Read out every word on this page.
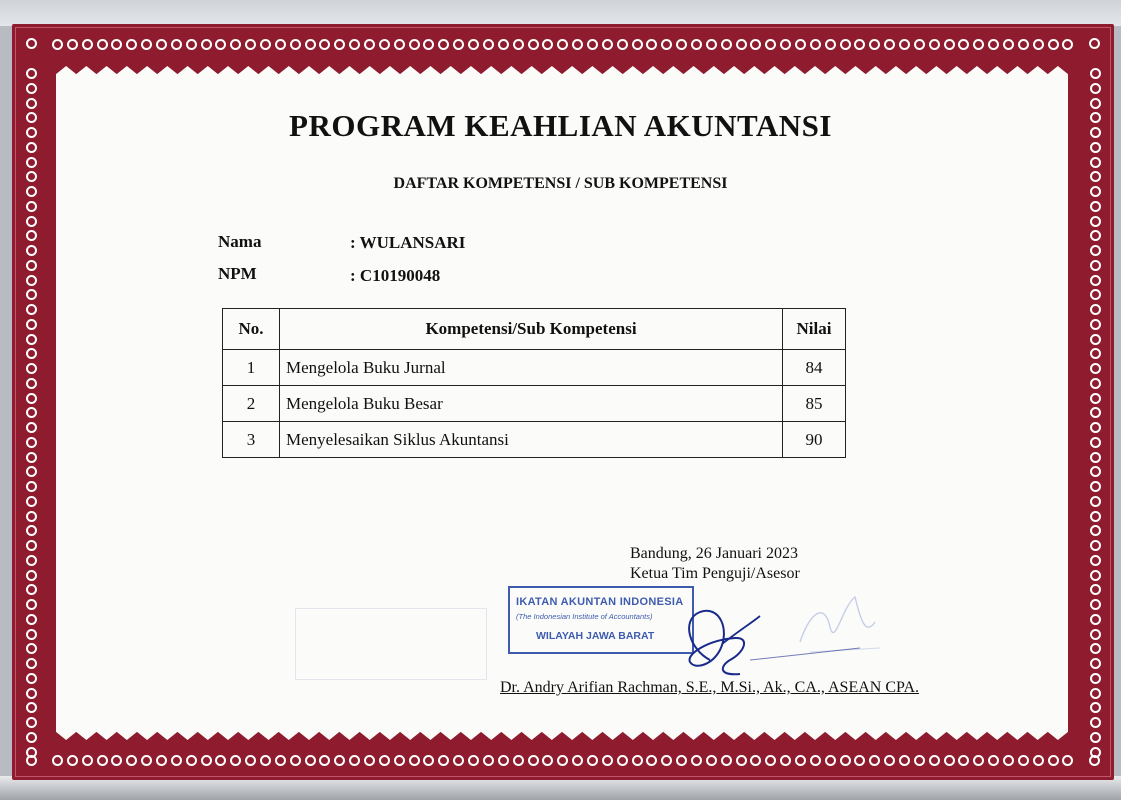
PROGRAM KEAHLIAN AKUNTANSI
DAFTAR KOMPETENSI / SUB KOMPETENSI
Nama	: WULANSARI
NPM	: C10190048
No.	Kompetensi/Sub Kompetensi	Nilai
1	Mengelola Buku Jurnal	84
2	Mengelola Buku Besar	85
3	Menyelesaikan Siklus Akuntansi	90
Bandung, 26 Januari 2023
Ketua Tim Penguji/Asesor
IKATAN AKUNTAN INDONESIA
(The Indonesian Institute of Accountants)
WILAYAH JAWA BARAT
Dr. Andry Arifian Rachman, S.E., M.Si., Ak., CA., ASEAN CPA.
